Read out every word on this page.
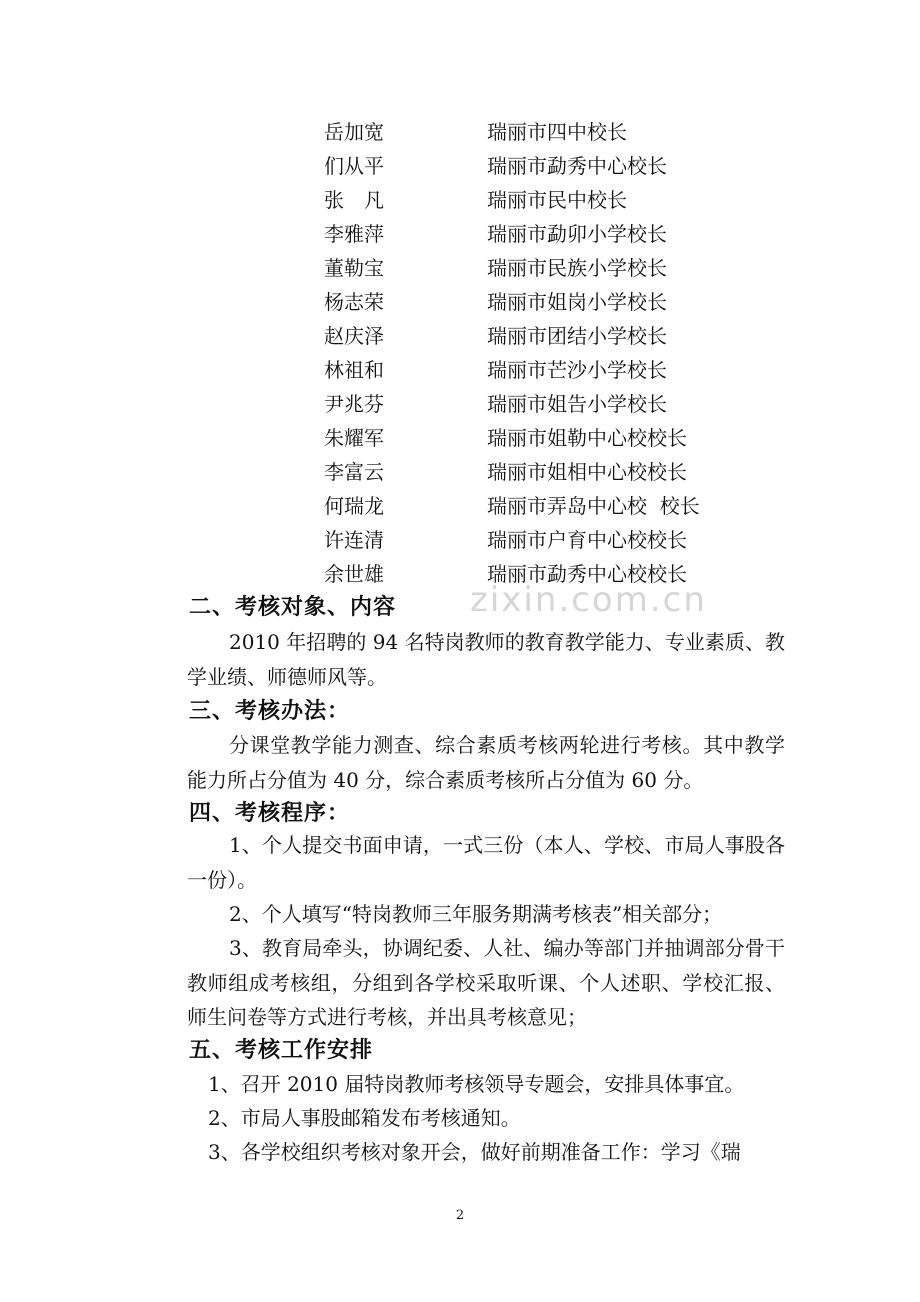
zixin.com.cn
岳加宽	瑞丽市四中校长
们从平	瑞丽市勐秀中心校长
张　凡	瑞丽市民中校长
李雅萍	瑞丽市勐卯小学校长
董勒宝	瑞丽市民族小学校长
杨志荣	瑞丽市姐岗小学校长
赵庆泽	瑞丽市团结小学校长
林祖和	瑞丽市芒沙小学校长
尹兆芬	瑞丽市姐告小学校长
朱耀军	瑞丽市姐勒中心校校长
李富云	瑞丽市姐相中心校校长
何瑞龙	瑞丽市弄岛中心校  校长
许连清	瑞丽市户育中心校校长
余世雄	瑞丽市勐秀中心校校长
二、考核对象、内容
2010 年招聘的 94 名特岗教师的教育教学能力、专业素质、教学业绩、师德师风等。
三、考核办法：
分课堂教学能力测查、综合素质考核两轮进行考核。其中教学能力所占分值为 40 分，综合素质考核所占分值为 60 分。
四、考核程序：
1、个人提交书面申请，一式三份（本人、学校、市局人事股各一份）。
2、个人填写“特岗教师三年服务期满考核表”相关部分；
3、教育局牵头，协调纪委、人社、编办等部门并抽调部分骨干教师组成考核组，分组到各学校采取听课、个人述职、学校汇报、师生问卷等方式进行考核，并出具考核意见；
五、考核工作安排
1、召开 2010 届特岗教师考核领导专题会，安排具体事宜。
2、市局人事股邮箱发布考核通知。
3、各学校组织考核对象开会，做好前期准备工作：学习《瑞
2
